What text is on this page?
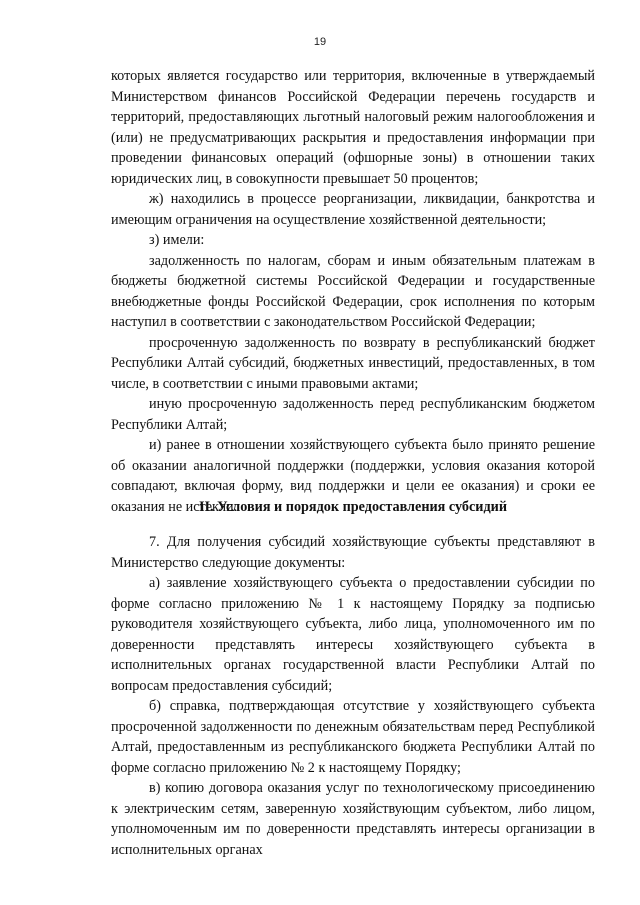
19

которых является государство или территория, включенные в утверждаемый Министерством финансов Российской Федерации перечень государств и территорий, предоставляющих льготный налоговый режим налогообложения и (или) не предусматривающих раскрытия и предоставления информации при проведении финансовых операций (офшорные зоны) в отношении таких юридических лиц, в совокупности превышает 50 процентов;

ж) находились в процессе реорганизации, ликвидации, банкротства и имеющим ограничения на осуществление хозяйственной деятельности;

з) имели:

задолженность по налогам, сборам и иным обязательным платежам в бюджеты бюджетной системы Российской Федерации и государственные внебюджетные фонды Российской Федерации, срок исполнения по которым наступил в соответствии с законодательством Российской Федерации;

просроченную задолженность по возврату в республиканский бюджет Республики Алтай субсидий, бюджетных инвестиций, предоставленных, в том числе, в соответствии с иными правовыми актами;

иную просроченную задолженность перед республиканским бюджетом Республики Алтай;

и) ранее в отношении хозяйствующего субъекта было принято решение об оказании аналогичной поддержки (поддержки, условия оказания которой совпадают, включая форму, вид поддержки и цели ее оказания) и сроки ее оказания не истекли.

II. Условия и порядок предоставления субсидий

7. Для получения субсидий хозяйствующие субъекты представляют в Министерство следующие документы:

а) заявление хозяйствующего субъекта о предоставлении субсидии по форме согласно приложению № 1 к настоящему Порядку за подписью руководителя хозяйствующего субъекта, либо лица, уполномоченного им по доверенности представлять интересы хозяйствующего субъекта в исполнительных органах государственной власти Республики Алтай по вопросам предоставления субсидий;

б) справка, подтверждающая отсутствие у хозяйствующего субъекта просроченной задолженности по денежным обязательствам перед Республикой Алтай, предоставленным из республиканского бюджета Республики Алтай по форме согласно приложению № 2 к настоящему Порядку;

в) копию договора оказания услуг по технологическому присоединению к электрическим сетям, заверенную хозяйствующим субъектом, либо лицом, уполномоченным им по доверенности представлять интересы организации в исполнительных органах
